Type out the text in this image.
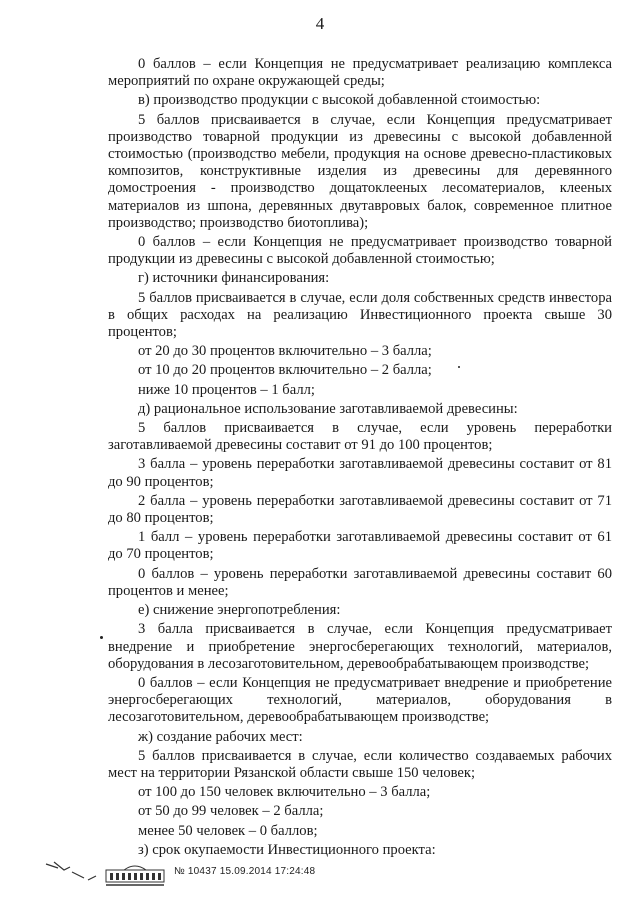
4

0 баллов – если Концепция не предусматривает реализацию комплекса мероприятий по охране окружающей среды;

в) производство продукции с высокой добавленной стоимостью:

5 баллов присваивается в случае, если Концепция предусматривает производство товарной продукции из древесины с высокой добавленной стоимостью (производство мебели, продукция на основе древесно-пластиковых композитов, конструктивные изделия из древесины для деревянного домостроения - производство дощатоклееных лесоматериалов, клееных материалов из шпона, деревянных двутавровых балок, современное плитное производство; производство биотоплива);

0 баллов – если Концепция не предусматривает производство товарной продукции из древесины с высокой добавленной стоимостью;

г) источники финансирования:

5 баллов присваивается в случае, если доля собственных средств инвестора в общих расходах на реализацию Инвестиционного проекта свыше 30 процентов;

от 20 до 30 процентов включительно – 3 балла;

от 10 до 20 процентов включительно – 2 балла;

ниже 10 процентов – 1 балл;

д) рациональное использование заготавливаемой древесины:

5 баллов присваивается в случае, если уровень переработки заготавливаемой древесины составит от 91 до 100 процентов;

3 балла – уровень переработки заготавливаемой древесины составит от 81 до 90 процентов;

2 балла – уровень переработки заготавливаемой древесины составит от 71 до 80 процентов;

1 балл – уровень переработки заготавливаемой древесины составит от 61 до 70 процентов;

0 баллов – уровень переработки заготавливаемой древесины составит 60 процентов и менее;

е) снижение энергопотребления:

3 балла присваивается в случае, если Концепция предусматривает внедрение и приобретение энергосберегающих технологий, материалов, оборудования в лесозаготовительном, деревообрабатывающем производстве;

0 баллов – если Концепция не предусматривает внедрение и приобретение энергосберегающих технологий, материалов, оборудования в лесозаготовительном, деревообрабатывающем производстве;

ж) создание рабочих мест:

5 баллов присваивается в случае, если количество создаваемых рабочих мест на территории Рязанской области свыше 150 человек;

от 100 до 150 человек включительно – 3 балла;

от 50 до 99 человек – 2 балла;

менее 50 человек – 0 баллов;

з) срок окупаемости Инвестиционного проекта:

№ 10437 15.09.2014 17:24:48
